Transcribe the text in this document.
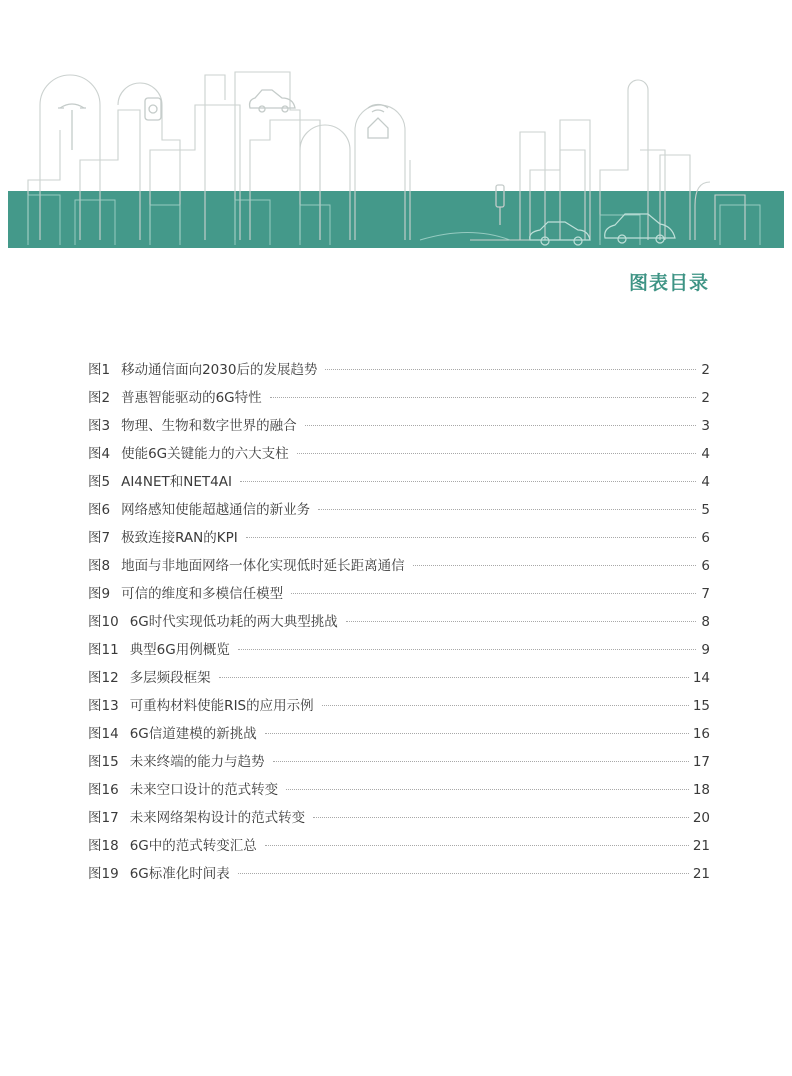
图表目录
图1 移动通信面向2030后的发展趋势	2
图2 普惠智能驱动的6G特性	2
图3 物理、生物和数字世界的融合	3
图4 使能6G关键能力的六大支柱	4
图5 AI4NET和NET4AI	4
图6 网络感知使能超越通信的新业务	5
图7 极致连接RAN的KPI	6
图8 地面与非地面网络一体化实现低时延长距离通信	6
图9 可信的维度和多模信任模型	7
图10 6G时代实现低功耗的两大典型挑战	8
图11 典型6G用例概览	9
图12 多层频段框架	14
图13 可重构材料使能RIS的应用示例	15
图14 6G信道建模的新挑战	16
图15 未来终端的能力与趋势	17
图16 未来空口设计的范式转变	18
图17 未来网络架构设计的范式转变	20
图18 6G中的范式转变汇总	21
图19 6G标准化时间表	21
